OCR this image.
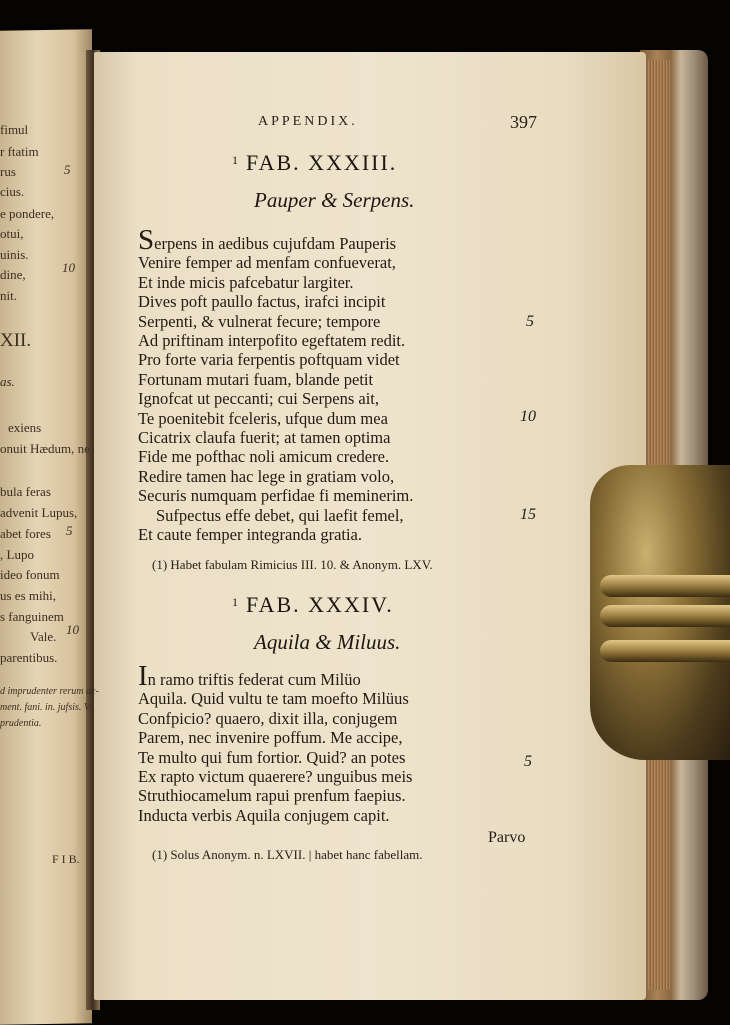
fimul
r ftatim
rus
cius.
e pondere,
otui,
uinis.
dine,
nit.
XII.
as.
exiens
onuit Hædum, ne
bula feras
advenit Lupus,
abet fores
, Lupo
ideo fonum
us es mihi,
s fanguinem
Vale.
parentibus.
d imprudenter rerum ac-
ment. fani. in. jufsis. V.
prudentia.
F I B.
5
10
5
10
APPENDIX.	397
$^1$ FAB. XXXIII.
Pauper & Serpens.
Serpens in aedibus cujufdam Pauperis
Venire femper ad menfam confueverat,
Et inde micis pafcebatur largiter.
Dives poft paullo factus, irafci incipit
Serpenti, & vulnerat fecure; tempore
Ad priftinam interpofito egeftatem redit.
Pro forte varia ferpentis poftquam videt
Fortunam mutari fuam, blande petit
Ignofcat ut peccanti; cui Serpens ait,
Te poenitebit fceleris, ufque dum mea
Cicatrix claufa fuerit; at tamen optima
Fide me pofthac noli amicum credere.
Redire tamen hac lege in gratiam volo,
Securis numquam perfidae fi meminerim.
Sufpectus effe debet, qui laefit femel,
Et caute femper integranda gratia.
5
10
15
(1) Habet fabulam Rimicius III. 10. & Anonym. LXV.
$^1$ FAB. XXXIV.
Aquila & Miluus.
In ramo triftis federat cum Milüo
Aquila. Quid vultu te tam moefto Milüus
Confpicio? quaero, dixit illa, conjugem
Parem, nec invenire poffum. Me accipe,
Te multo qui fum fortior. Quid? an potes
Ex rapto victum quaerere? unguibus meis
Struthiocamelum rapui prenfum faepius.
Inducta verbis Aquila conjugem capit.
5
Parvo
(1) Solus Anonym. n. LXVII. | habet hanc fabellam.
